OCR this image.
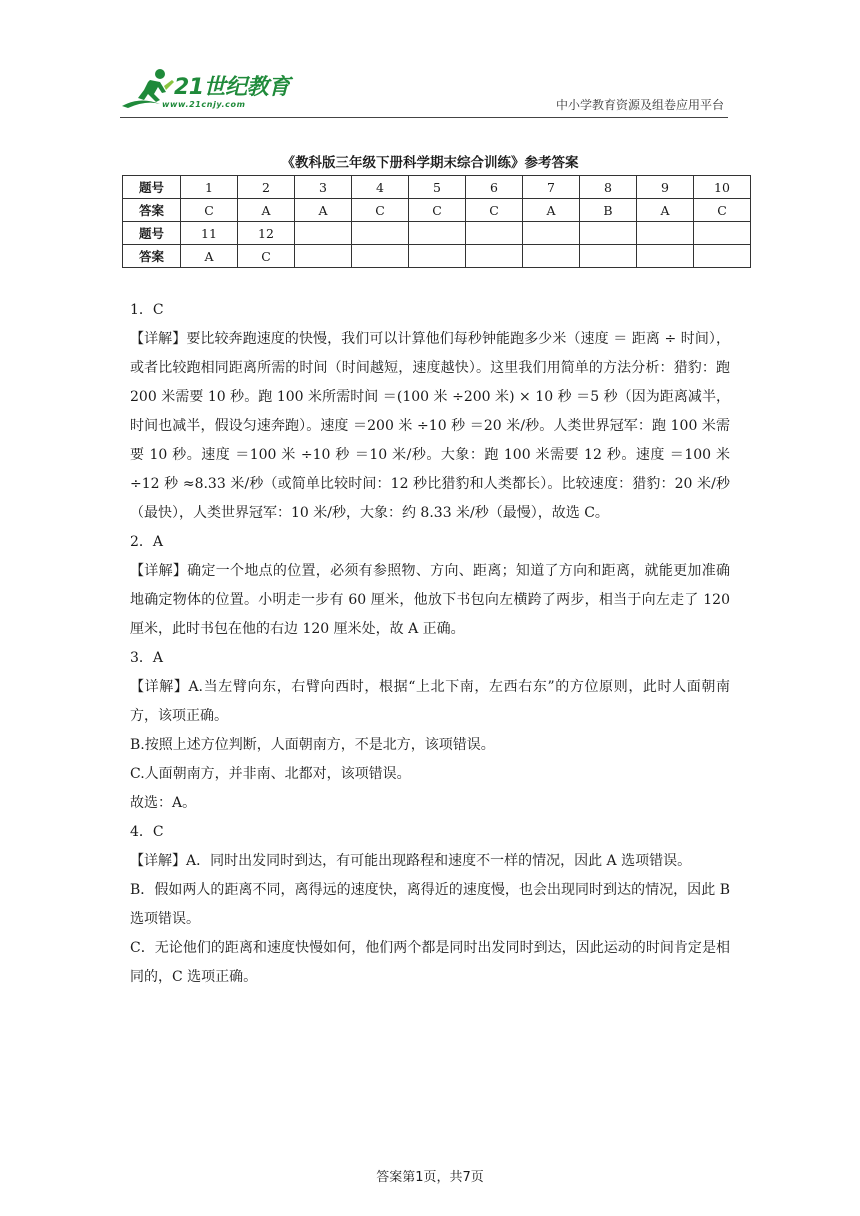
21世纪教育
www.21cnjy.com	中小学教育资源及组卷应用平台
《教科版三年级下册科学期末综合训练》参考答案
题号	1	2	3	4	5	6	7	8	9	10
答案	C	A	A	C	C	C	A	B	A	C
题号	11	12								
答案	A	C								

1．C

【详解】要比较奔跑速度的快慢，我们可以计算他们每秒钟能跑多少米（速度 ＝ 距离 ÷ 时间），或者比较跑相同距离所需的时间（时间越短，速度越快）。这里我们用简单的方法分析：猎豹：跑 200 米需要 10 秒。跑 100 米所需时间 ＝(100 米 ÷200 米) × 10 秒 ＝5 秒（因为距离减半，时间也减半，假设匀速奔跑）。速度 ＝200 米 ÷10 秒 ＝20 米/秒。人类世界冠军：跑 100 米需要 10 秒。速度 ＝100 米 ÷10 秒 ＝10 米/秒。大象：跑 100 米需要 12 秒。速度 ＝100 米 ÷12 秒 ≈8.33 米/秒（或简单比较时间：12 秒比猎豹和人类都长）。比较速度：猎豹：20 米/秒（最快），人类世界冠军：10 米/秒，大象：约 8.33 米/秒（最慢），故选 C。

2．A

【详解】确定一个地点的位置，必须有参照物、方向、距离；知道了方向和距离，就能更加准确地确定物体的位置。小明走一步有 60 厘米，他放下书包向左横跨了两步，相当于向左走了 120 厘米，此时书包在他的右边 120 厘米处，故 A 正确。

3．A

【详解】A.当左臂向东，右臂向西时，根据“上北下南，左西右东”的方位原则，此时人面朝南方，该项正确。

B.按照上述方位判断，人面朝南方，不是北方，该项错误。

C.人面朝南方，并非南、北都对，该项错误。

故选：A。

4．C

【详解】A．同时出发同时到达，有可能出现路程和速度不一样的情况，因此 A 选项错误。

B．假如两人的距离不同，离得远的速度快，离得近的速度慢，也会出现同时到达的情况，因此 B 选项错误。

C．无论他们的距离和速度快慢如何，他们两个都是同时出发同时到达，因此运动的时间肯定是相同的，C 选项正确。

答案第1页，共7页
